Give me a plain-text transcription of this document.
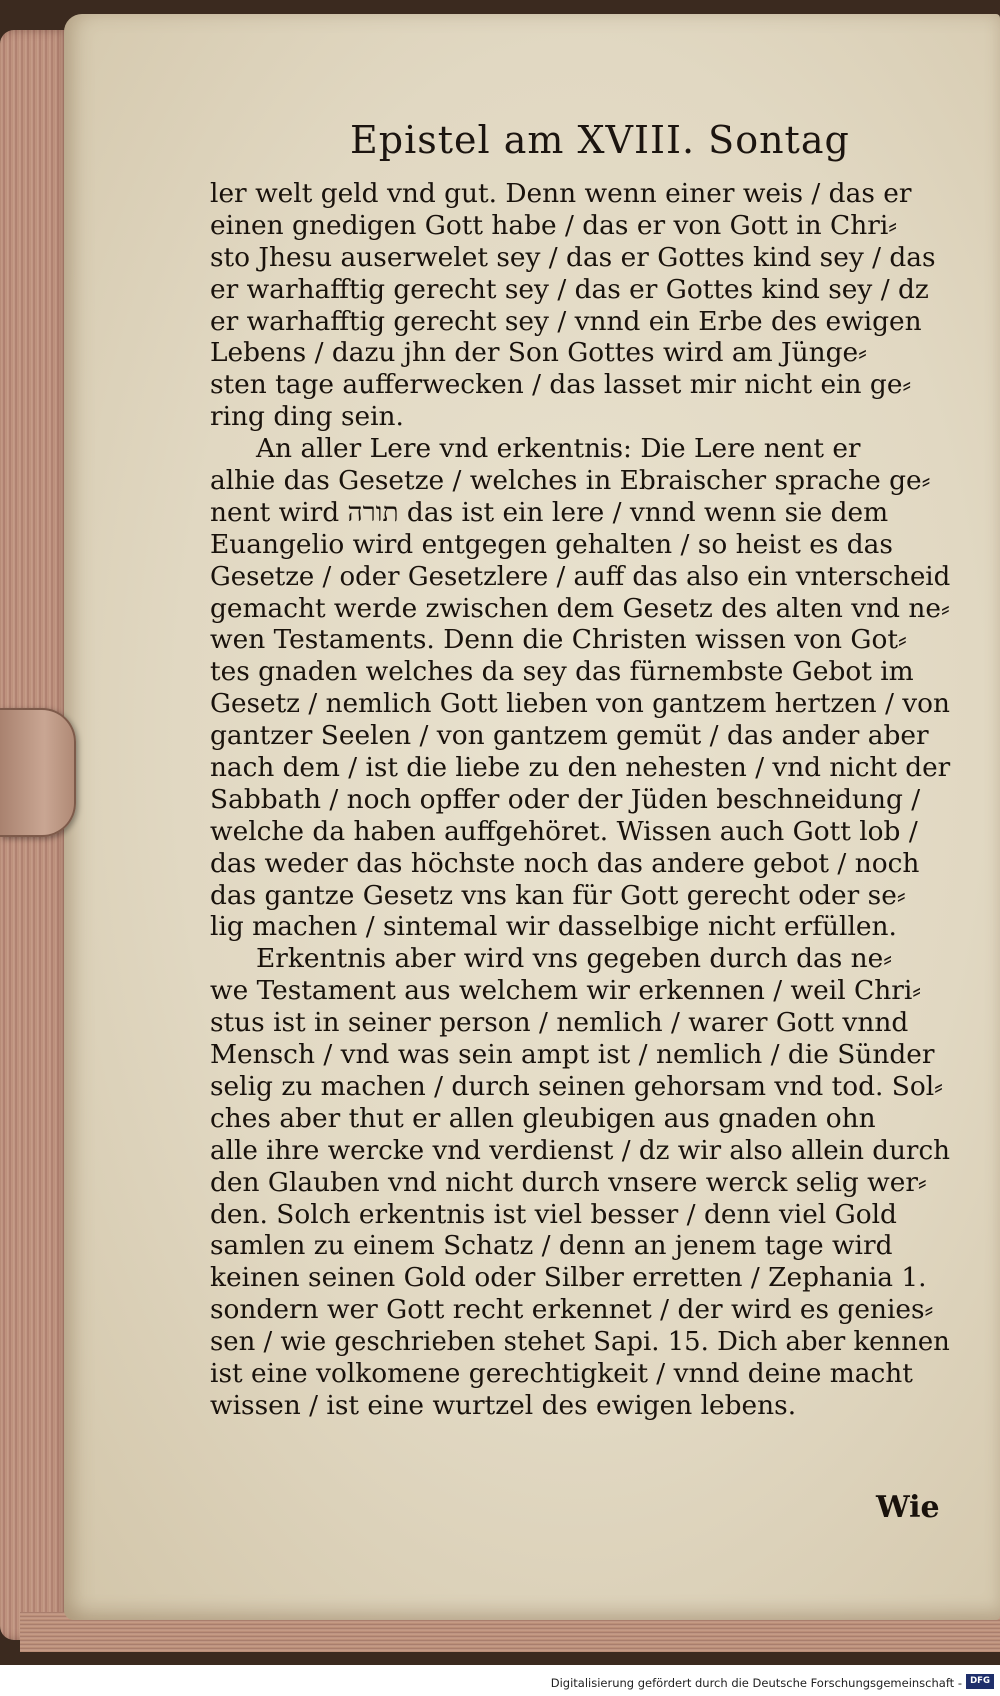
Epistel am XVIII. Sontag
ler welt geld vnd gut. Denn wenn einer weis / das er
einen gnedigen Gott habe / das er von Gott in Chri⸗
sto Jhesu auserwelet sey / das er Gottes kind sey / das
er warhafftig gerecht sey / das er Gottes kind sey / dz
er warhafftig gerecht sey / vnnd ein Erbe des ewigen
Lebens / dazu jhn der Son Gottes wird am Jünge⸗
sten tage aufferwecken / das lasset mir nicht ein ge⸗
ring ding sein.
An aller Lere vnd erkentnis: Die Lere nent er
alhie das Gesetze / welches in Ebraischer sprache ge⸗
nent wird תורה das ist ein lere / vnnd wenn sie dem
Euangelio wird entgegen gehalten / so heist es das
Gesetze / oder Gesetzlere / auff das also ein vnterscheid
gemacht werde zwischen dem Gesetz des alten vnd ne⸗
wen Testaments. Denn die Christen wissen von Got⸗
tes gnaden welches da sey das fürnembste Gebot im
Gesetz / nemlich Gott lieben von gantzem hertzen / von
gantzer Seelen / von gantzem gemüt / das ander aber
nach dem / ist die liebe zu den nehesten / vnd nicht der
Sabbath / noch opffer oder der Jüden beschneidung /
welche da haben auffgehöret. Wissen auch Gott lob /
das weder das höchste noch das andere gebot / noch
das gantze Gesetz vns kan für Gott gerecht oder se⸗
lig machen / sintemal wir dasselbige nicht erfüllen.
Erkentnis aber wird vns gegeben durch das ne⸗
we Testament aus welchem wir erkennen / weil Chri⸗
stus ist in seiner person / nemlich / warer Gott vnnd
Mensch / vnd was sein ampt ist / nemlich / die Sünder
selig zu machen / durch seinen gehorsam vnd tod. Sol⸗
ches aber thut er allen gleubigen aus gnaden ohn
alle ihre wercke vnd verdienst / dz wir also allein durch
den Glauben vnd nicht durch vnsere werck selig wer⸗
den. Solch erkentnis ist viel besser / denn viel Gold
samlen zu einem Schatz / denn an jenem tage wird
keinen seinen Gold oder Silber erretten / Zephania 1.
sondern wer Gott recht erkennet / der wird es genies⸗
sen / wie geschrieben stehet Sapi. 15. Dich aber kennen
ist eine volkomene gerechtigkeit / vnnd deine macht
wissen / ist eine wurtzel des ewigen lebens.
Wie
Digitalisierung gefördert durch die Deutsche Forschungsgemeinschaft - DFG
